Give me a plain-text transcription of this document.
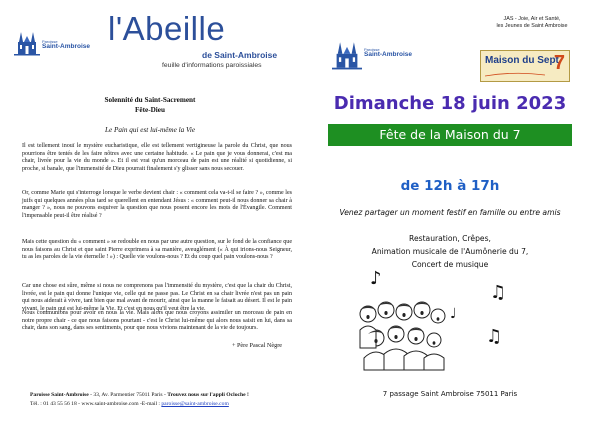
Paroisse
Saint-Ambroise l'Abeille
de Saint-Ambroise
feuille d'informations paroissiales
Solennité du Saint-Sacrement
Fête-Dieu
Le Pain qui est lui-même la Vie

Il est tellement inouï le mystère eucharistique, elle est tellement vertigineuse la parole du Christ, que nous pourrions être tentés de les faire nôtres avec une certaine habitude. « Le pain que je vous donnerai, c'est ma chair, livrée pour la vie du monde ». Et il est vrai qu'un morceau de pain est une réalité si quotidienne, si proche, si banale, que l'immensité de Dieu pourrait finalement s'y glisser sans nous secouer.

Or, comme Marie qui s'interroge lorsque le verbe devient chair : « comment cela va-t-il se faire ? », comme les juifs qui quelques années plus tard se querellent en entendant Jésus : « comment peut-il nous donner sa chair à manger ? », nous ne pouvons esquiver la question que nous posent encore les mots de l'Évangile. Comment l'impensable peut-il être réalisé ?

Mais cette question du « comment » se redouble en nous par une autre question, sur le fond de la confiance que nous faisons au Christ et que saint Pierre exprimera à sa manière, aveuglément (« À qui irions-nous Seigneur, tu as les paroles de la vie éternelle ! ») : Quelle vie voulons-nous ? Et du coup quel pain voulons-nous ?

Car une chose est sûre, même si nous ne comprenons pas l'immensité du mystère, c'est que la chair du Christ, livrée, est le pain qui donne l'unique vie, celle qui ne passe pas. Le Christ en sa chair livrée n'est pas un pain qui nous aiderait à vivre, tant bien que mal avant de mourir, ainsi que la manne le faisait au désert. Il est le pain vivant, le pain qui est lui-même la Vie. Et c'est en nous qu'il veut être la vie.

Nous communions pour avoir en nous la vie. Mais alors que nous croyons assimiler un morceau de pain en notre propre chair - ce que nous faisons pourtant - c'est le Christ lui-même qui alors nous saisit en lui, dans sa chair, dans son sang, dans ses sentiments, pour que nous vivions maintenant de la vie de toujours.

+ Père Pascal Nègre
Paroisse Saint-Ambroise - 33, Av. Parmentier 75011 Paris - Trouvez nous sur l'appli Ocloche !
Tél. : 01 43 55 56 18 - www.saint-ambroise.com -E-mail : paroisse@saint-ambroise.com
Paroisse
Saint-Ambroise
JAS - Joie, Air et Santé,
les Jeunes de Saint Ambroise
Maison du Sept
7
Dimanche 18 juin 2023
Fête de la Maison du 7
de 12h à 17h
Venez partager un moment festif en famille ou entre amis
Restauration, Crêpes,
Animation musicale de l'Aumônerie du 7,
Concert de musique
♪
♫
♩
♫
7 passage Saint Ambroise 75011 Paris
